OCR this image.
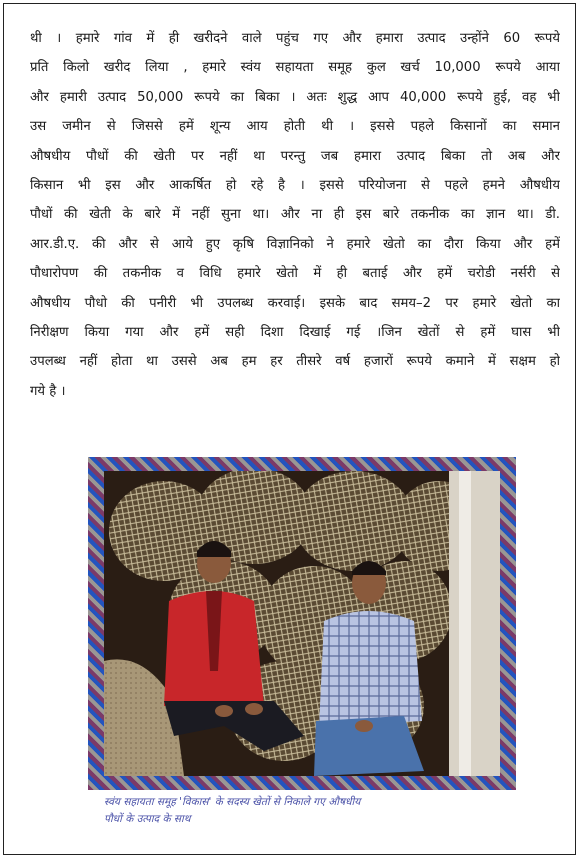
थी । हमारे गांव में ही खरीदने वाले पहुंच गए और हमारा उत्पाद उन्होंने 60 रूपये
प्रति किलो खरीद लिया , हमारे स्वंय सहायता समूह कुल खर्च 10,000 रूपये आया
और हमारी उत्पाद 50,000 रूपये का बिका । अतः शुद्ध आप 40,000 रूपये हुई, वह भी
उस जमीन से जिससे हमें शून्य आय होती थी । इससे पहले किसानों का समान
औषधीय पौधों की खेती पर नहीं था परन्तु जब हमारा उत्पाद बिका तो अब और
किसान भी इस और आकर्षित हो रहे है । इससे परियोजना से पहले हमने औषधीय
पौधों की खेती के बारे में नहीं सुना था। और ना ही इस बारे तकनीक का ज्ञान था। डी.
आर.डी.ए. की और से आये हुए कृषि विज्ञानिको ने हमारे खेतो का दौरा किया और हमें
पौधारोपण की तकनीक व विधि हमारे खेतो में ही बताई और हमें चरोडी नर्सरी से
औषधीय पौधो की पनीरी भी उपलब्ध करवाई। इसके बाद समय–2 पर हमारे खेतो का
निरीक्षण किया गया और हमें सही दिशा दिखाई गई ।जिन खेतों से हमें घास भी
उपलब्ध नहीं होता था उससे अब हम हर तीसरे वर्ष हजारों रूपये कमाने में सक्षम हो
गये है ।
स्वंय सहायता समूह 'विकास' के सदस्य खेतों से निकाले गए औषधीय
पौधों के उत्पाद के साथ
